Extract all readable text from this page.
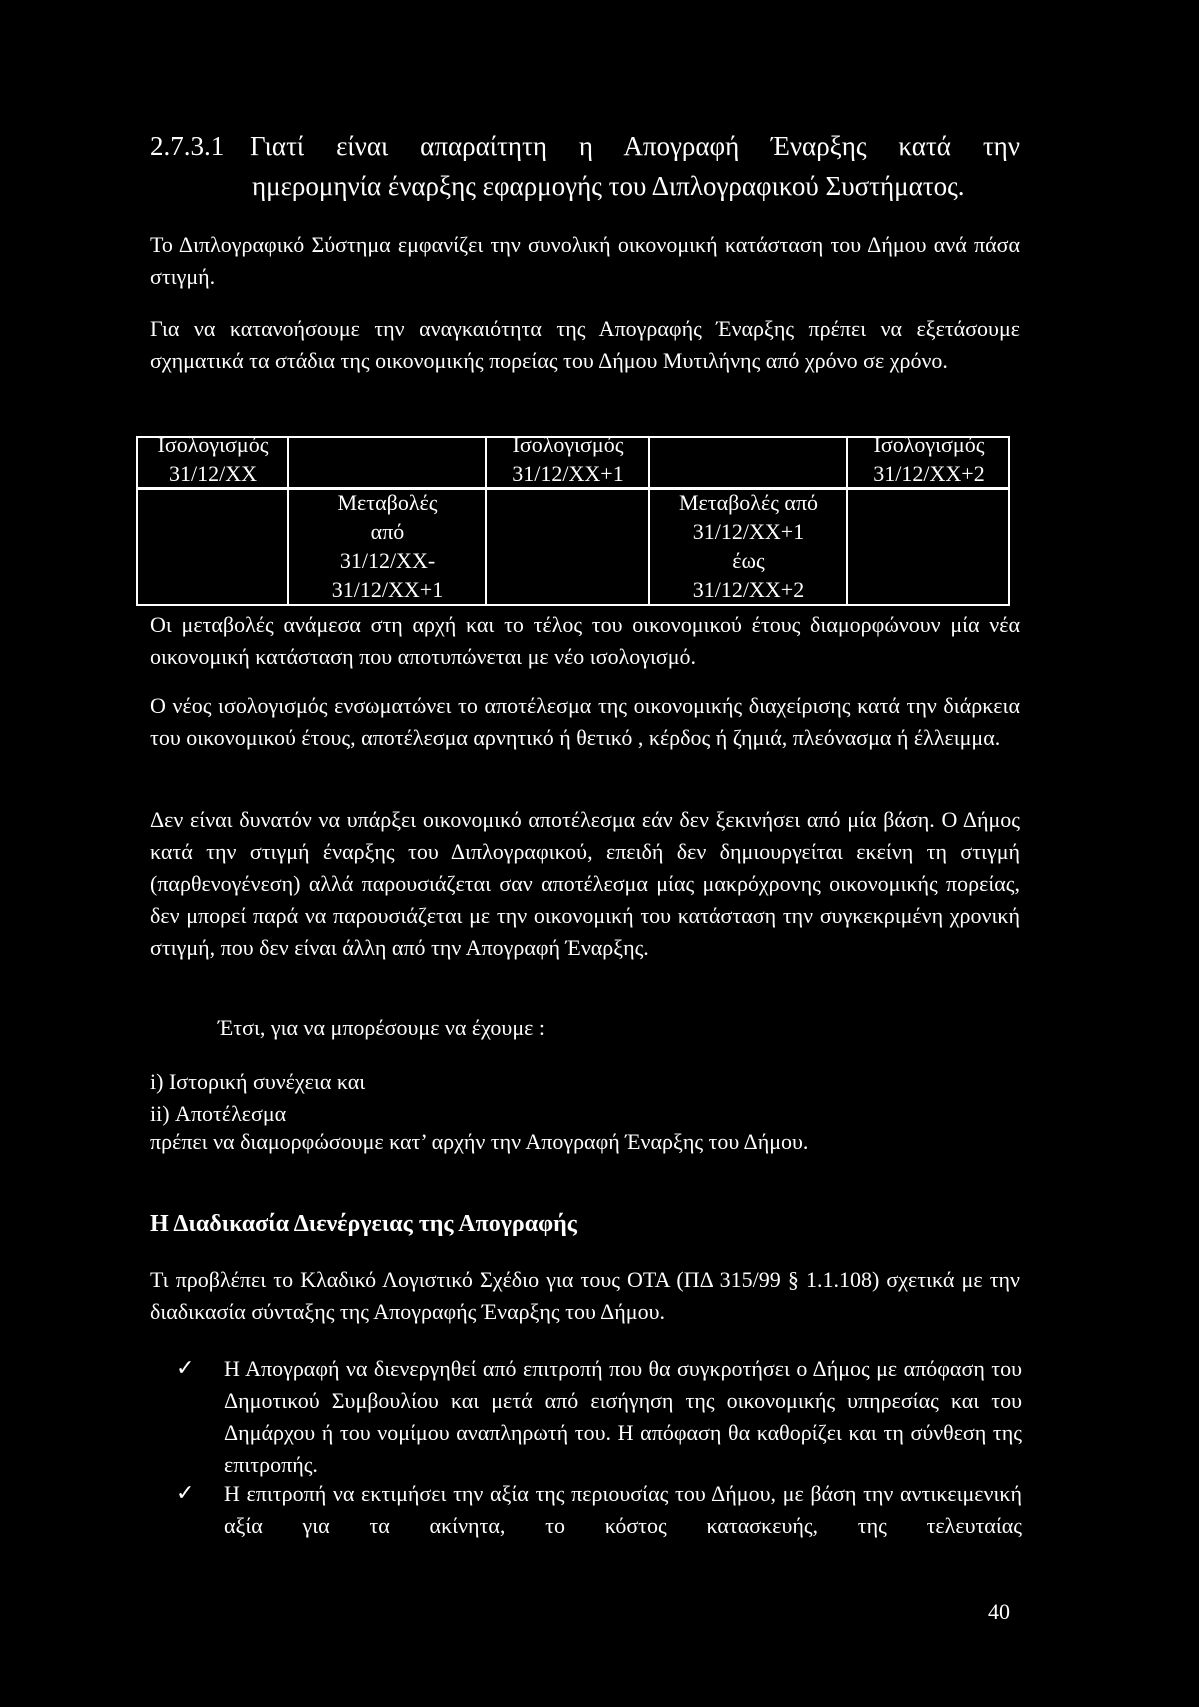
2.7.3.1 Γιατί είναι απαραίτητη η Απογραφή Έναρξης κατά την
ημερομηνία έναρξης εφαρμογής του Διπλογραφικού Συστήματος.
Το Διπλογραφικό Σύστημα εμφανίζει την συνολική οικονομική κατάσταση του Δήμου ανά πάσα στιγμή.
Για να κατανοήσουμε την αναγκαιότητα της Απογραφής Έναρξης πρέπει να εξετάσουμε σχηματικά τα στάδια της οικονομικής πορείας του Δήμου Μυτιλήνης από χρόνο σε χρόνο.
Ισολογισμός
31/12/ΧΧ
Ισολογισμός
31/12/ΧΧ+1
Ισολογισμός
31/12/ΧΧ+2
Μεταβολές
από
31/12/ΧΧ-
31/12/ΧΧ+1
Μεταβολές από
31/12/ΧΧ+1
έως
31/12/ΧΧ+2
Οι μεταβολές ανάμεσα στη αρχή και το τέλος του οικονομικού έτους διαμορφώνουν μία νέα οικονομική κατάσταση που αποτυπώνεται με νέο ισολογισμό.
Ο νέος ισολογισμός ενσωματώνει το αποτέλεσμα της οικονομικής διαχείρισης κατά την διάρκεια του οικονομικού έτους, αποτέλεσμα αρνητικό ή θετικό , κέρδος ή ζημιά, πλεόνασμα ή έλλειμμα.
Δεν είναι δυνατόν να υπάρξει οικονομικό αποτέλεσμα εάν δεν ξεκινήσει από μία βάση. Ο Δήμος κατά την στιγμή έναρξης του Διπλογραφικού, επειδή δεν δημιουργείται εκείνη τη στιγμή (παρθενογένεση) αλλά παρουσιάζεται σαν αποτέλεσμα μίας μακρόχρονης οικονομικής πορείας, δεν μπορεί παρά να παρουσιάζεται με την οικονομική του κατάσταση την συγκεκριμένη χρονική στιγμή, που δεν είναι άλλη από την Απογραφή Έναρξης.
Έτσι, για να μπορέσουμε να έχουμε :
i) Ιστορική συνέχεια και
ii) Αποτέλεσμα
πρέπει να διαμορφώσουμε κατ’ αρχήν την Απογραφή Έναρξης του Δήμου.
Η Διαδικασία Διενέργειας της Απογραφής
Τι προβλέπει το Κλαδικό Λογιστικό Σχέδιο για τους ΟΤΑ (ΠΔ 315/99 § 1.1.108) σχετικά με την διαδικασία σύνταξης της Απογραφής Έναρξης του Δήμου.
✓ Η Απογραφή να διενεργηθεί από επιτροπή που θα συγκροτήσει ο Δήμος με απόφαση του Δημοτικού Συμβουλίου και μετά από εισήγηση της οικονομικής υπηρεσίας και του Δημάρχου ή του νομίμου αναπληρωτή του. Η απόφαση θα καθορίζει και τη σύνθεση της επιτροπής.
✓ Η επιτροπή να εκτιμήσει την αξία της περιουσίας του Δήμου, με βάση την αντικειμενική αξία για τα ακίνητα, το κόστος κατασκευής, της τελευταίας
40
